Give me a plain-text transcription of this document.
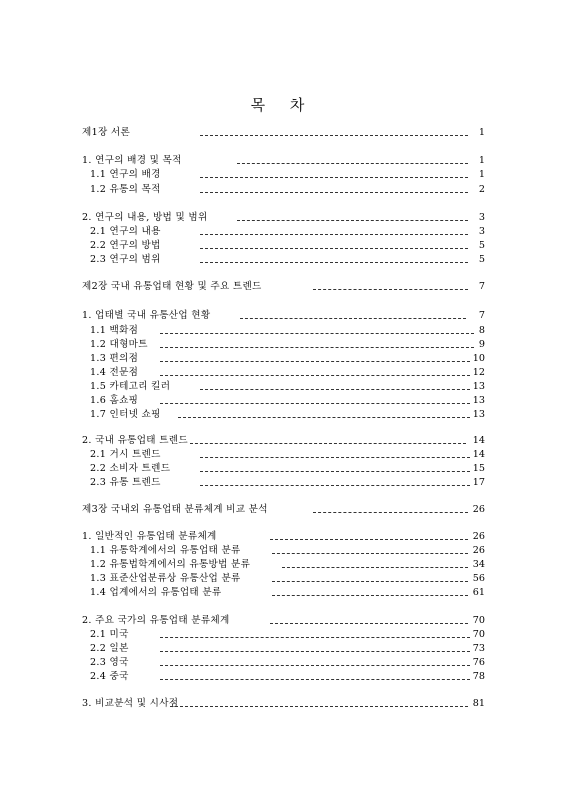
목 차
제1장 서론	1
1. 연구의 배경 및 목적	1
1.1 연구의 배경	1
1.2 유통의 목적	2
2. 연구의 내용, 방법 및 범위	3
2.1 연구의 내용	3
2.2 연구의 방법	5
2.3 연구의 범위	5
제2장 국내 유통업태 현황 및 주요 트렌드	7
1. 업태별 국내 유통산업 현황	7
1.1 백화점	8
1.2 대형마트	9
1.3 편의점	10
1.4 전문점	12
1.5 카테고리 킬러	13
1.6 홈쇼핑	13
1.7 인터넷 쇼핑	13
2. 국내 유통업태 트렌드	14
2.1 거시 트렌드	14
2.2 소비자 트렌드	15
2.3 유통 트렌드	17
제3장 국내외 유통업태 분류체계 비교 분석	26
1. 일반적인 유통업태 분류체계	26
1.1 유통학계에서의 유통업태 분류	26
1.2 유통법학계에서의 유통방법 분류	34
1.3 표준산업분류상 유통산업 분류	56
1.4 업계에서의 유통업태 분류	61
2. 주요 국가의 유통업태 분류체계	70
2.1 미국	70
2.2 일본	73
2.3 영국	76
2.4 중국	78
3. 비교분석 및 시사점	81
